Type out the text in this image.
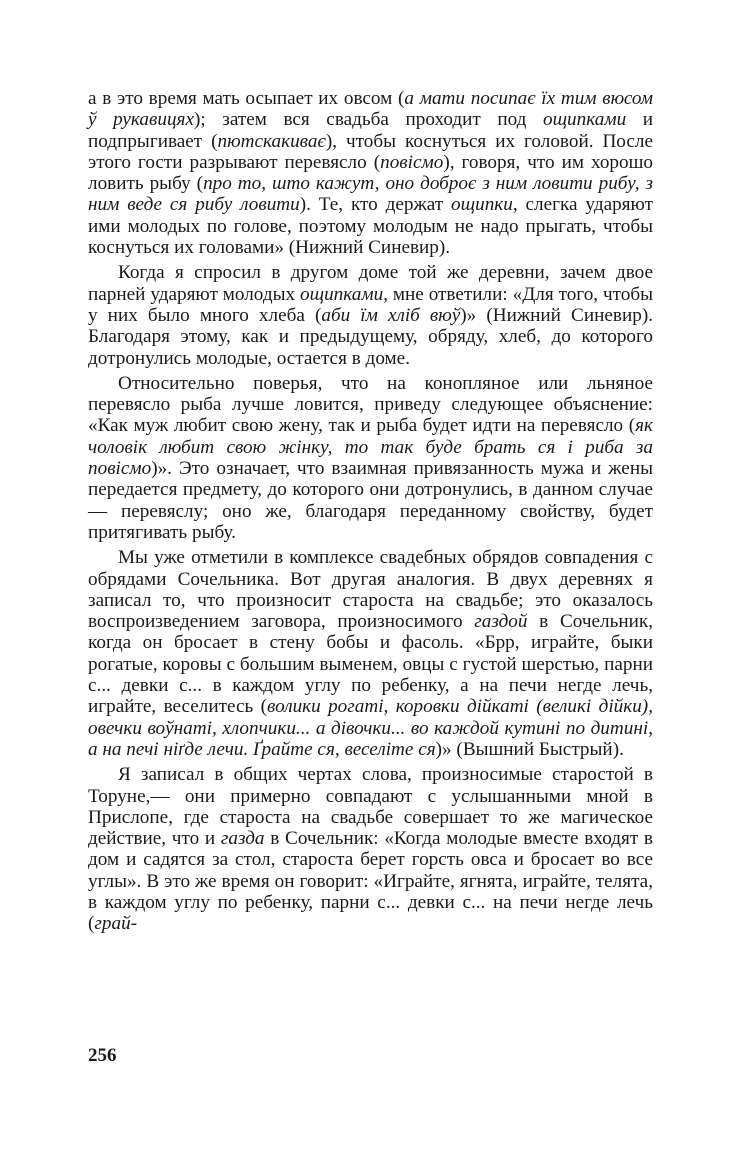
а в это время мать осыпает их овсом (а мати посипає їх тим вюсом ў рукавицях); затем вся свадьба проходит под ощипками и подпрыгивает (пютскакиває), чтобы коснуться их головой. После этого гости разрывают перевясло (повісмо), говоря, что им хорошо ловить рыбу (про то, што кажут, оно доброє з ним ловити рибу, з ним веде ся рибу ловити). Те, кто держат ощипки, слегка ударяют ими молодых по голове, поэтому молодым не надо прыгать, чтобы коснуться их головами» (Нижний Синевир).

Когда я спросил в другом доме той же деревни, зачем двое парней ударяют молодых ощипками, мне ответили: «Для того, чтобы у них было много хлеба (аби їм хліб вюў)» (Нижний Синевир). Благодаря этому, как и предыдущему, обряду, хлеб, до которого дотронулись молодые, остается в доме.

Относительно поверья, что на конопляное или льняное перевясло рыба лучше ловится, приведу следующее объяснение: «Как муж любит свою жену, так и рыба будет идти на перевясло (як чоловік любит свою жінку, то так буде брать ся і риба за повісмо)». Это означает, что взаимная привязанность мужа и жены передается предмету, до которого они дотронулись, в данном случае — перевяслу; оно же, благодаря переданному свойству, будет притягивать рыбу.

Мы уже отметили в комплексе свадебных обрядов совпадения с обрядами Сочельника. Вот другая аналогия. В двух деревнях я записал то, что произносит староста на свадьбе; это оказалось воспроизведением заговора, произносимого газдой в Сочельник, когда он бросает в стену бобы и фасоль. «Брр, играйте, быки рогатые, коровы с большим выменем, овцы с густой шерстью, парни с... девки с... в каждом углу по ребенку, а на печи негде лечь, играйте, веселитесь (волики рогаті, коровки дійкаті (великі дійки), овечки воўнаті, хлопчики... а дівочки... во каждой кутині по дитині, а на печі ніґде лечи. Ґрайте ся, веселіте ся)» (Вышний Быстрый).

Я записал в общих чертах слова, произносимые старостой в Торуне,— они примерно совпадают с услышанными мной в Прислопе, где староста на свадьбе совершает то же магическое действие, что и газда в Сочельник: «Когда молодые вместе входят в дом и садятся за стол, староста берет горсть овса и бросает во все углы». В это же время он говорит: «Играйте, ягнята, играйте, телята, в каждом углу по ребенку, парни с... девки с... на печи негде лечь (грай-

256
